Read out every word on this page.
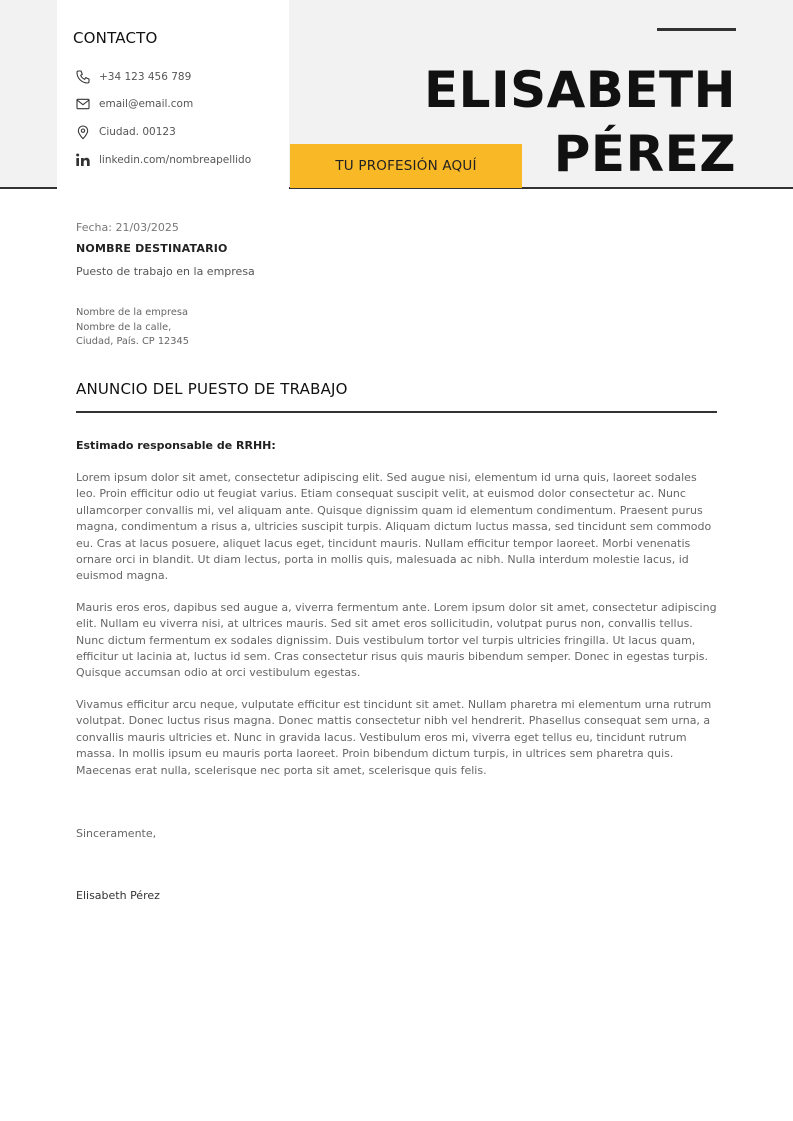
CONTACTO
+34 123 456 789
email@email.com
Ciudad. 00123
linkedin.com/nombreapellido
ELISABETH
PÉREZ
TU PROFESIÓN AQUÍ
Fecha: 21/03/2025
NOMBRE DESTINATARIO
Puesto de trabajo en la empresa
Nombre de la empresa
Nombre de la calle,
Ciudad, País. CP 12345
ANUNCIO DEL PUESTO DE TRABAJO
Estimado responsable de RRHH:

Lorem ipsum dolor sit amet, consectetur adipiscing elit. Sed augue nisi, elementum id urna quis, laoreet sodales leo. Proin efficitur odio ut feugiat varius. Etiam consequat suscipit velit, at euismod dolor consectetur ac. Nunc ullamcorper convallis mi, vel aliquam ante. Quisque dignissim quam id elementum condimentum. Praesent purus magna, condimentum a risus a, ultricies suscipit turpis. Aliquam dictum luctus massa, sed tincidunt sem commodo eu. Cras at lacus posuere, aliquet lacus eget, tincidunt mauris. Nullam efficitur tempor laoreet. Morbi venenatis ornare orci in blandit. Ut diam lectus, porta in mollis quis, malesuada ac nibh. Nulla interdum molestie lacus, id euismod magna.

Mauris eros eros, dapibus sed augue a, viverra fermentum ante. Lorem ipsum dolor sit amet, consectetur adipiscing elit. Nullam eu viverra nisi, at ultrices mauris. Sed sit amet eros sollicitudin, volutpat purus non, convallis tellus. Nunc dictum fermentum ex sodales dignissim. Duis vestibulum tortor vel turpis ultricies fringilla. Ut lacus quam, efficitur ut lacinia at, luctus id sem. Cras consectetur risus quis mauris bibendum semper. Donec in egestas turpis. Quisque accumsan odio at orci vestibulum egestas.

Vivamus efficitur arcu neque, vulputate efficitur est tincidunt sit amet. Nullam pharetra mi elementum urna rutrum volutpat. Donec luctus risus magna. Donec mattis consectetur nibh vel hendrerit. Phasellus consequat sem urna, a convallis mauris ultricies et. Nunc in gravida lacus. Vestibulum eros mi, viverra eget tellus eu, tincidunt rutrum massa. In mollis ipsum eu mauris porta laoreet. Proin bibendum dictum turpis, in ultrices sem pharetra quis. Maecenas erat nulla, scelerisque nec porta sit amet, scelerisque quis felis.

Sinceramente,
Elisabeth Pérez
